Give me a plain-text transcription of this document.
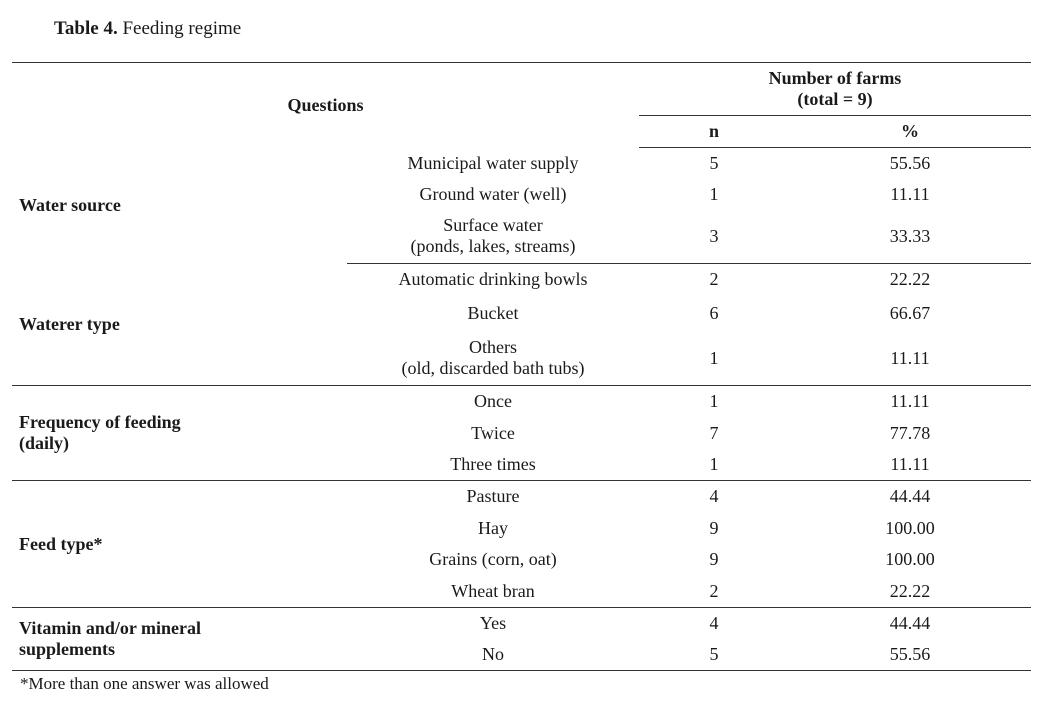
Table 4. Feeding regime
Questions		Number of farms
(total = 9)	

		n	%

Water source	Municipal water supply	5	55.56
	Ground water (well)	1	11.11

	Surface water
(ponds, lakes, streams)	3	33.33

Waterer type	Automatic drinking bowls	2	22.22
	Bucket	6	66.67

	Others
(old, discarded bath tubs)	1	11.11

Frequency of feeding
(daily)	Once	1	11.11
	Twice	7	77.78
	Three times	1	11.11

Feed type*	Pasture	4	44.44
	Hay	9	100.00
	Grains (corn, oat)	9	100.00
	Wheat bran	2	22.22

Vitamin and/or mineral
supplements	Yes	4	44.44
	No	5	55.56
*More than one answer was allowed
